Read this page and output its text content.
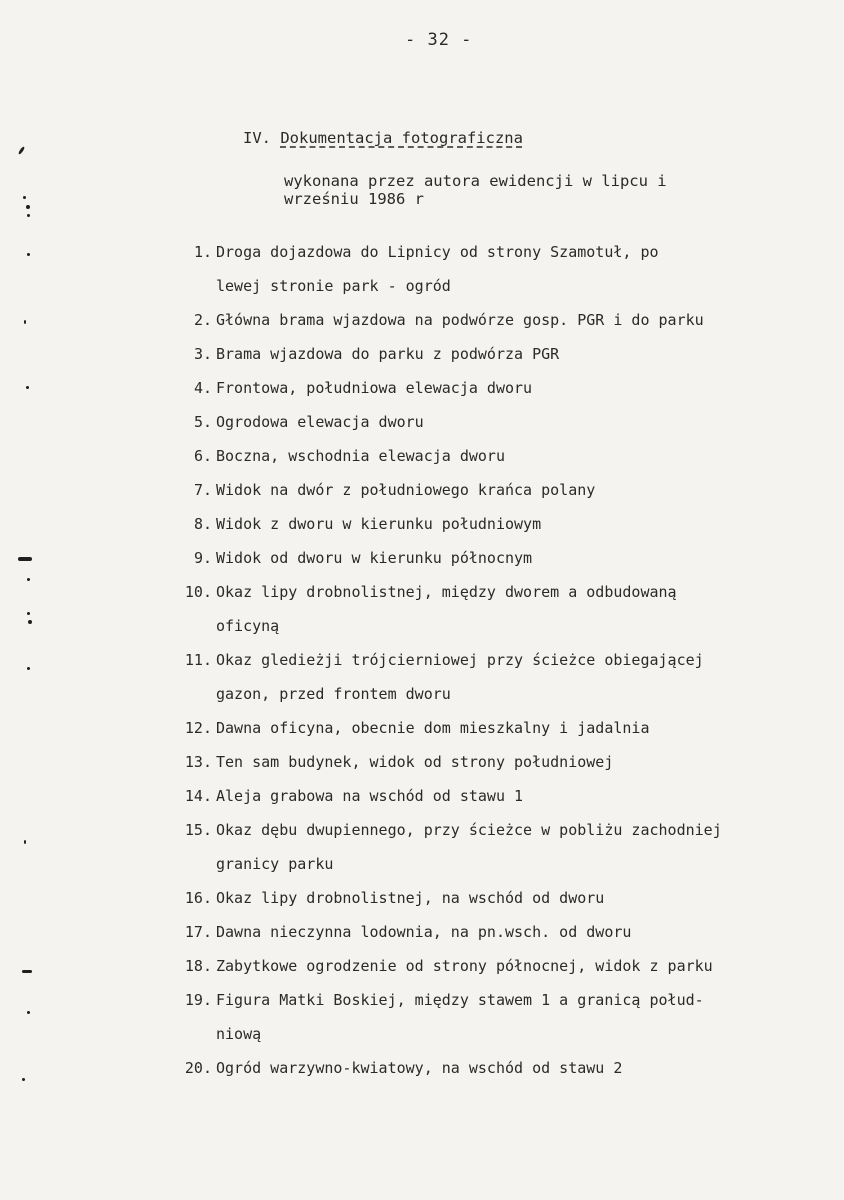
- 32 -
IV. Dokumentacja fotograficzna
wykonana przez autora ewidencji w lipcu i
wrześniu 1986 r
1. Droga dojazdowa do Lipnicy od strony Szamotuł, po
lewej stronie park - ogród
2. Główna brama wjazdowa na podwórze gosp. PGR i do parku
3. Brama wjazdowa do parku z podwórza PGR
4. Frontowa, południowa elewacja dworu
5. Ogrodowa elewacja dworu
6. Boczna, wschodnia elewacja dworu
7. Widok na dwór z południowego krańca polany
8. Widok z dworu w kierunku południowym
9. Widok od dworu w kierunku północnym
10. Okaz lipy drobnolistnej, między dworem a odbudowaną
oficyną
11. Okaz gledieżji trójcierniowej przy ścieżce obiegającej
gazon, przed frontem dworu
12. Dawna oficyna, obecnie dom mieszkalny i jadalnia
13. Ten sam budynek, widok od strony południowej
14. Aleja grabowa na wschód od stawu 1
15. Okaz dębu dwupiennego, przy ścieżce w pobliżu zachodniej
granicy parku
16. Okaz lipy drobnolistnej, na wschód od dworu
17. Dawna nieczynna lodownia, na pn.wsch. od dworu
18. Zabytkowe ogrodzenie od strony północnej, widok z parku
19. Figura Matki Boskiej, między stawem 1 a granicą połud-
niową
20. Ogród warzywno-kwiatowy, na wschód od stawu 2
